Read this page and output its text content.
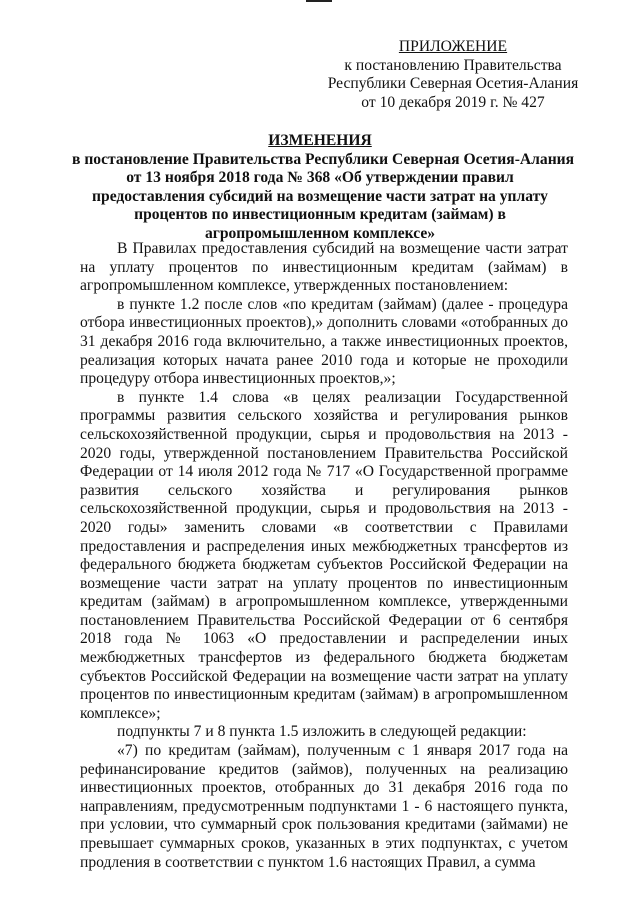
ПРИЛОЖЕНИЕ
к постановлению Правительства
Республики Северная Осетия-Алания
от 10 декабря 2019 г. № 427
ИЗМЕНЕНИЯ
в постановление Правительства Республики Северная Осетия-Алания
от 13 ноября 2018 года № 368 «Об утверждении правил
предоставления субсидий на возмещение части затрат на уплату
процентов по инвестиционным кредитам (займам) в
агропромышленном комплексе»

В Правилах предоставления субсидий на возмещение части затрат на уплату процентов по инвестиционным кредитам (займам) в агропромышленном комплексе, утвержденных постановлением:

в пункте 1.2 после слов «по кредитам (займам) (далее - процедура отбора инвестиционных проектов),» дополнить словами «отобранных до 31 декабря 2016 года включительно, а также инвестиционных проектов, реализация которых начата ранее 2010 года и которые не проходили процедуру отбора инвестиционных проектов,»;

в пункте 1.4 слова «в целях реализации Государственной программы развития сельского хозяйства и регулирования рынков сельскохозяйственной продукции, сырья и продовольствия на 2013 - 2020 годы, утвержденной постановлением Правительства Российской Федерации от 14 июля 2012 года № 717 «О Государственной программе развития сельского хозяйства и регулирования рынков сельскохозяйственной продукции, сырья и продовольствия на 2013 - 2020 годы» заменить словами «в соответствии с Правилами предоставления и распределения иных межбюджетных трансфертов из федерального бюджета бюджетам субъектов Российской Федерации на возмещение части затрат на уплату процентов по инвестиционным кредитам (займам) в агропромышленном комплексе, утвержденными постановлением Правительства Российской Федерации от 6 сентября 2018 года № 1063 «О предоставлении и распределении иных межбюджетных трансфертов из федерального бюджета бюджетам субъектов Российской Федерации на возмещение части затрат на уплату процентов по инвестиционным кредитам (займам) в агропромышленном комплексе»;

подпункты 7 и 8 пункта 1.5 изложить в следующей редакции:

«7) по кредитам (займам), полученным с 1 января 2017 года на рефинансирование кредитов (займов), полученных на реализацию инвестиционных проектов, отобранных до 31 декабря 2016 года по направлениям, предусмотренным подпунктами 1 - 6 настоящего пункта, при условии, что суммарный срок пользования кредитами (займами) не превышает суммарных сроков, указанных в этих подпунктах, с учетом продления в соответствии с пунктом 1.6 настоящих Правил, а сумма
